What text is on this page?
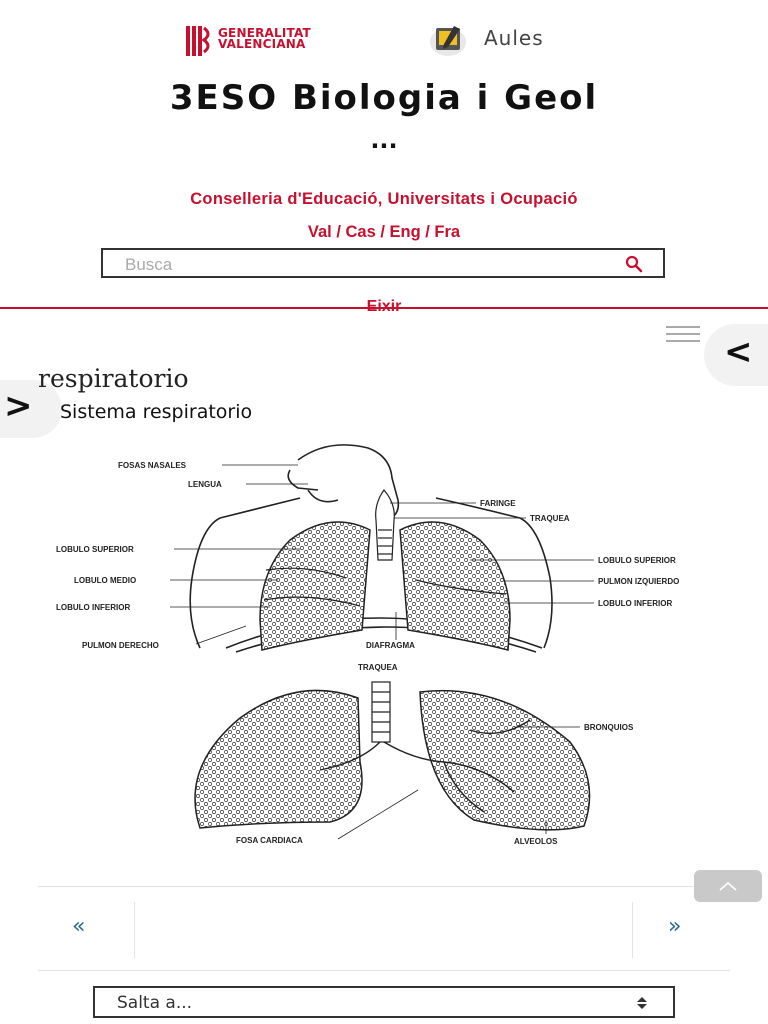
GENERALITAT
VALENCIANA	Aules
3ESO Biologia i Geol
...
Conselleria d'Educació, Universitats i Ocupació
Val / Cas / Eng / Fra
Busca
Eixir
<
>
respiratorio
Sistema respiratorio
FOSAS NASALES
LENGUA
FARINGE
TRAQUEA
LOBULO SUPERIOR
LOBULO MEDIO
LOBULO INFERIOR
LOBULO SUPERIOR
PULMON IZQUIERDO
LOBULO INFERIOR
PULMON DERECHO	DIAFRAGMA
TRAQUEA
BRONQUIOS
FOSA CARDIACA	ALVEOLOS
«	»
Salta a...
